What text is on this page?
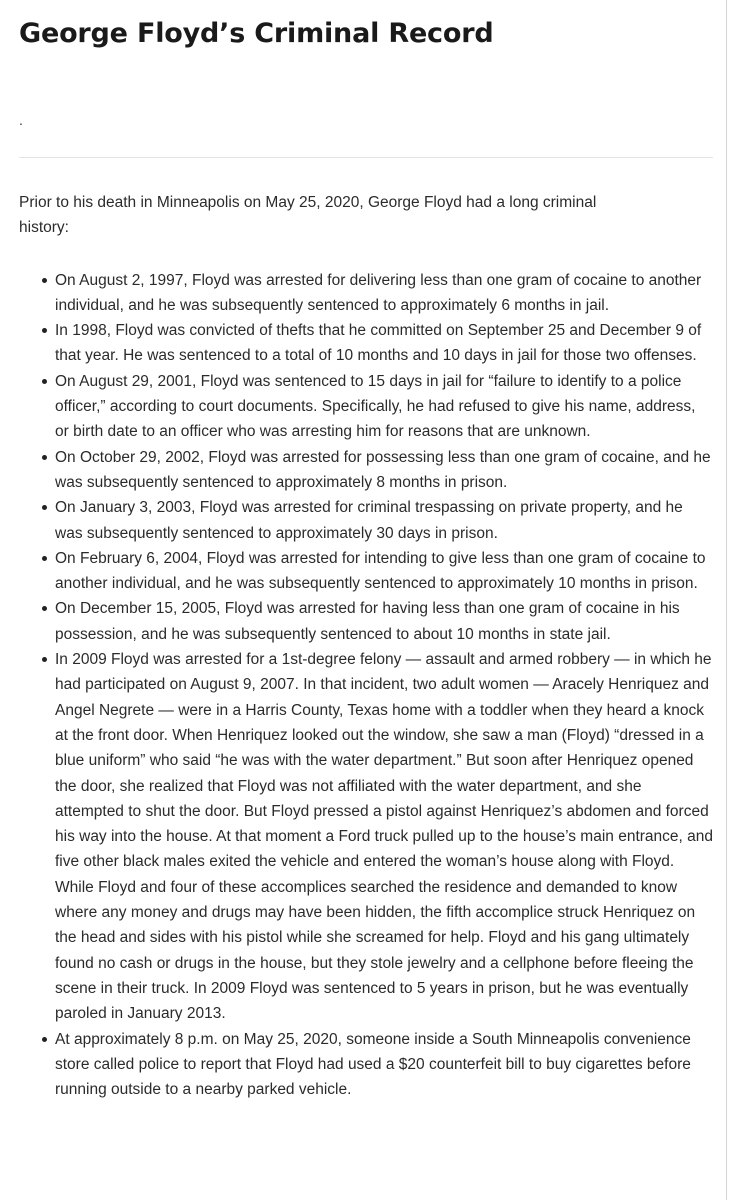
George Floyd’s Criminal Record
.

Prior to his death in Minneapolis on May 25, 2020, George Floyd had a long criminal history:

On August 2, 1997, Floyd was arrested for delivering less than one gram of cocaine to another individual, and he was subsequently sentenced to approximately 6 months in jail.
In 1998, Floyd was convicted of thefts that he committed on September 25 and December 9 of that year. He was sentenced to a total of 10 months and 10 days in jail for those two offenses.
On August 29, 2001, Floyd was sentenced to 15 days in jail for “failure to identify to a police officer,” according to court documents. Specifically, he had refused to give his name, address, or birth date to an officer who was arresting him for reasons that are unknown.
On October 29, 2002, Floyd was arrested for possessing less than one gram of cocaine, and he was subsequently sentenced to approximately 8 months in prison.
On January 3, 2003, Floyd was arrested for criminal trespassing on private property, and he was subsequently sentenced to approximately 30 days in prison.
On February 6, 2004, Floyd was arrested for intending to give less than one gram of cocaine to another individual, and he was subsequently sentenced to approximately 10 months in prison.
On December 15, 2005, Floyd was arrested for having less than one gram of cocaine in his possession, and he was subsequently sentenced to about 10 months in state jail.
In 2009 Floyd was arrested for a 1st-degree felony — assault and armed robbery — in which he had participated on August 9, 2007. In that incident, two adult women — Aracely Henriquez and Angel Negrete — were in a Harris County, Texas home with a toddler when they heard a knock at the front door. When Henriquez looked out the window, she saw a man (Floyd) “dressed in a blue uniform” who said “he was with the water department.” But soon after Henriquez opened the door, she realized that Floyd was not affiliated with the water department, and she attempted to shut the door. But Floyd pressed a pistol against Henriquez’s abdomen and forced his way into the house. At that moment a Ford truck pulled up to the house’s main entrance, and five other black males exited the vehicle and entered the woman’s house along with Floyd. While Floyd and four of these accomplices searched the residence and demanded to know where any money and drugs may have been hidden, the fifth accomplice struck Henriquez on the head and sides with his pistol while she screamed for help. Floyd and his gang ultimately found no cash or drugs in the house, but they stole jewelry and a cellphone before fleeing the scene in their truck. In 2009 Floyd was sentenced to 5 years in prison, but he was eventually paroled in January 2013.
At approximately 8 p.m. on May 25, 2020, someone inside a South Minneapolis convenience store called police to report that Floyd had used a $20 counterfeit bill to buy cigarettes before running outside to a nearby parked vehicle.
